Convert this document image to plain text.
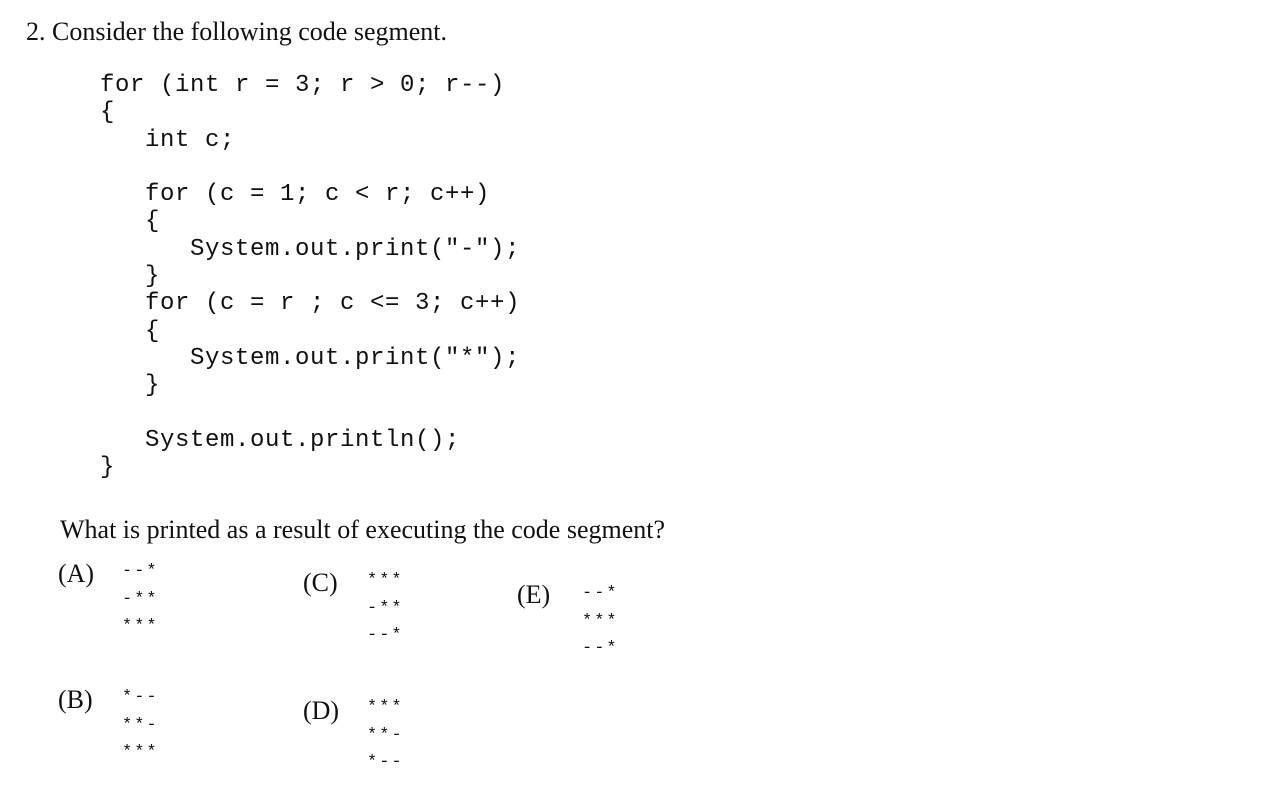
2. Consider the following code segment.
for (int r = 3; r > 0; r--)
{
int c;
for (c = 1; c < r; c++)
{
System.out.print("-");
}
for (c = r ; c <= 3; c++)
{
System.out.print("*");
}
System.out.println();
}
What is printed as a result of executing the code segment?
(A) --*
-**
***
(B) *--
**-
***
(C) ***
-**
--*
(D) ***
**-
*--
(E) --*
***
--*
